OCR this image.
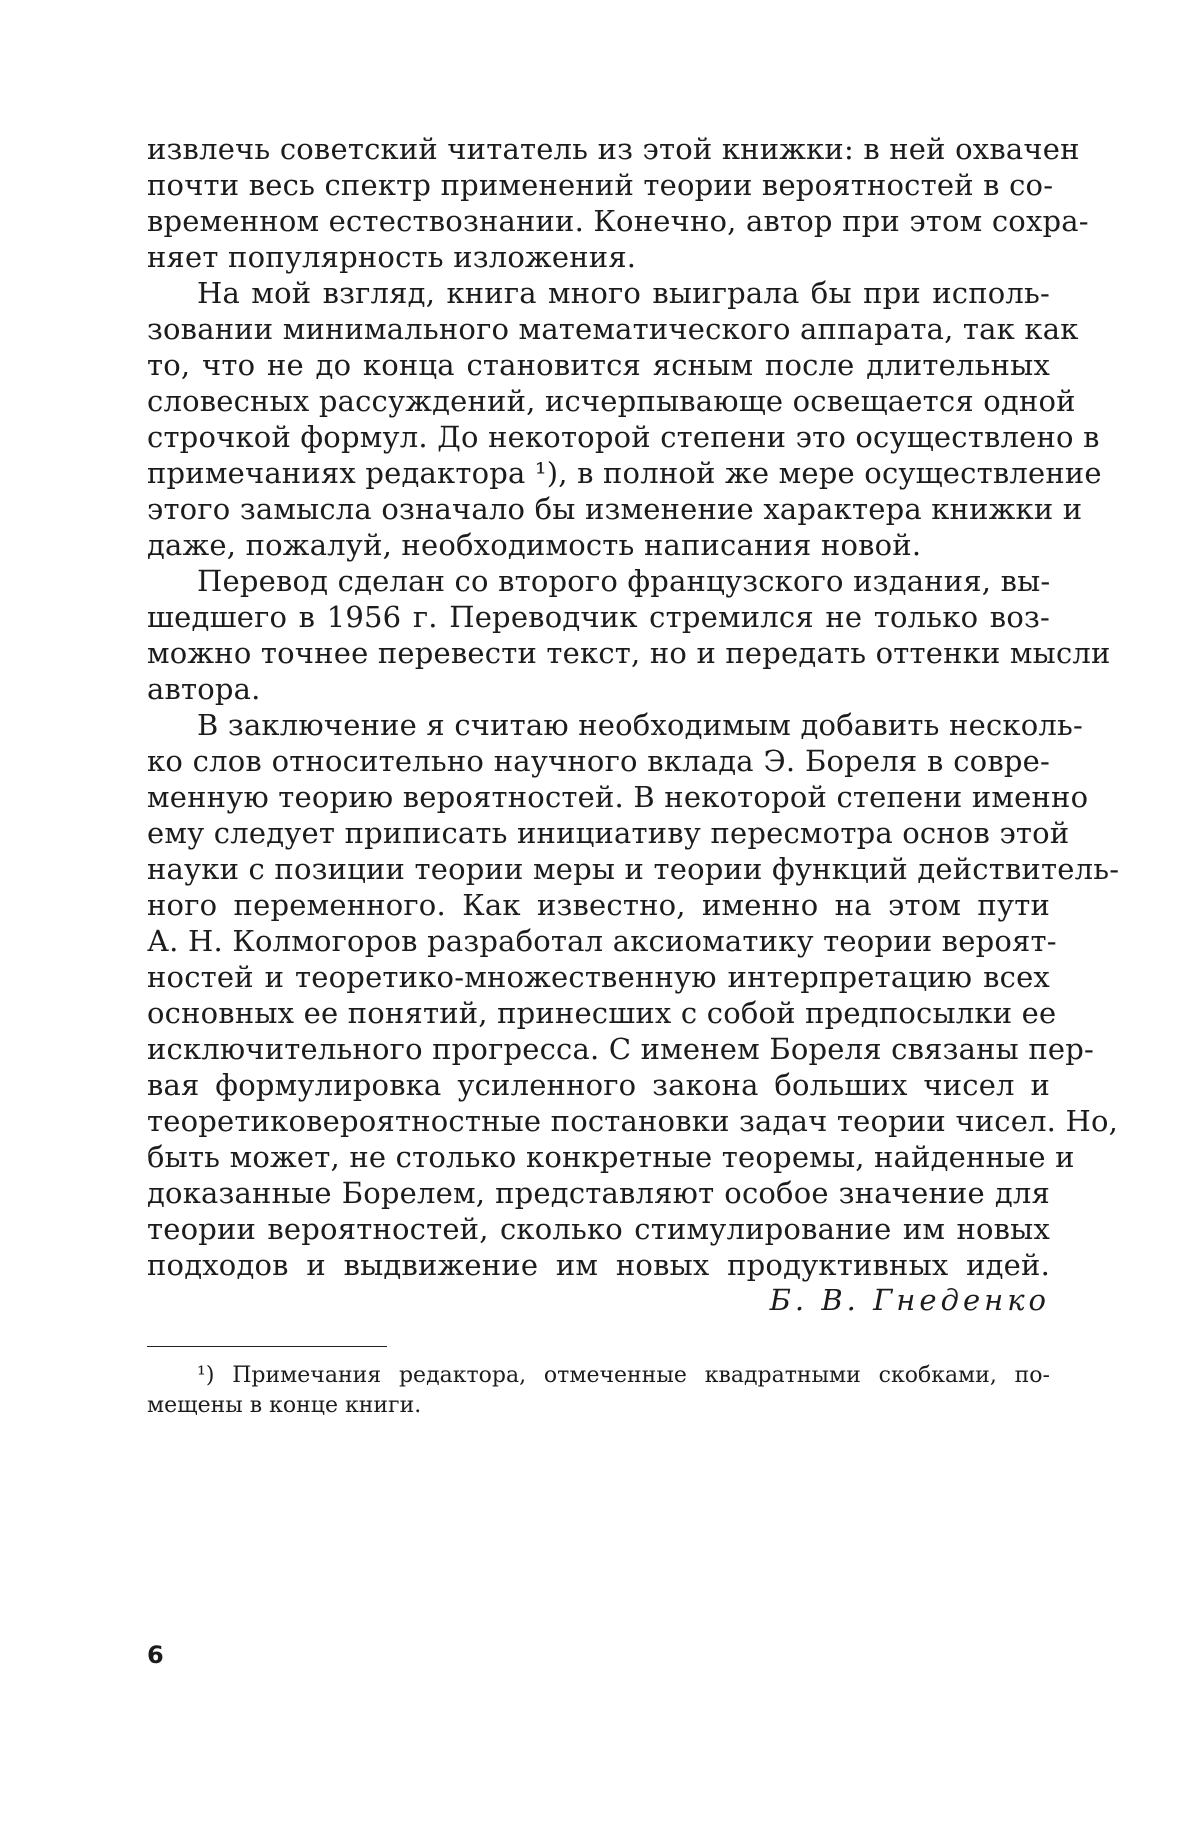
извлечь советский читатель из этой книжки: в ней охвачен
почти весь спектр применений теории вероятностей в со-
временном естествознании. Конечно, автор при этом сохра-
няет популярность изложения.
На мой взгляд, книга много выиграла бы при исполь-
зовании минимального математического аппарата, так как
то, что не до конца становится ясным после длительных
словесных рассуждений, исчерпывающе освещается одной
строчкой формул. До некоторой степени это осуществлено в
примечаниях редактора ¹), в полной же мере осуществление
этого замысла означало бы изменение характера книжки и
даже, пожалуй, необходимость написания новой.
Перевод сделан со второго французского издания, вы-
шедшего в 1956 г. Переводчик стремился не только воз-
можно точнее перевести текст, но и передать оттенки мысли
автора.
В заключение я считаю необходимым добавить несколь-
ко слов относительно научного вклада Э. Бореля в совре-
менную теорию вероятностей. В некоторой степени именно
ему следует приписать инициативу пересмотра основ этой
науки с позиции теории меры и теории функций действитель-
ного переменного. Как известно, именно на этом пути
А. Н. Колмогоров разработал аксиоматику теории вероят-
ностей и теоретико-множественную интерпретацию всех
основных ее понятий, принесших с собой предпосылки ее
исключительного прогресса. С именем Бореля связаны пер-
вая формулировка усиленного закона больших чисел и
теоретиковероятностные постановки задач теории чисел. Но,
быть может, не столько конкретные теоремы, найденные и
доказанные Борелем, представляют особое значение для
теории вероятностей, сколько стимулирование им новых
подходов и выдвижение им новых продуктивных идей.
Б. В. Гнеденко
¹) Примечания редактора, отмеченные квадратными скобками, по-
мещены в конце книги.
6
